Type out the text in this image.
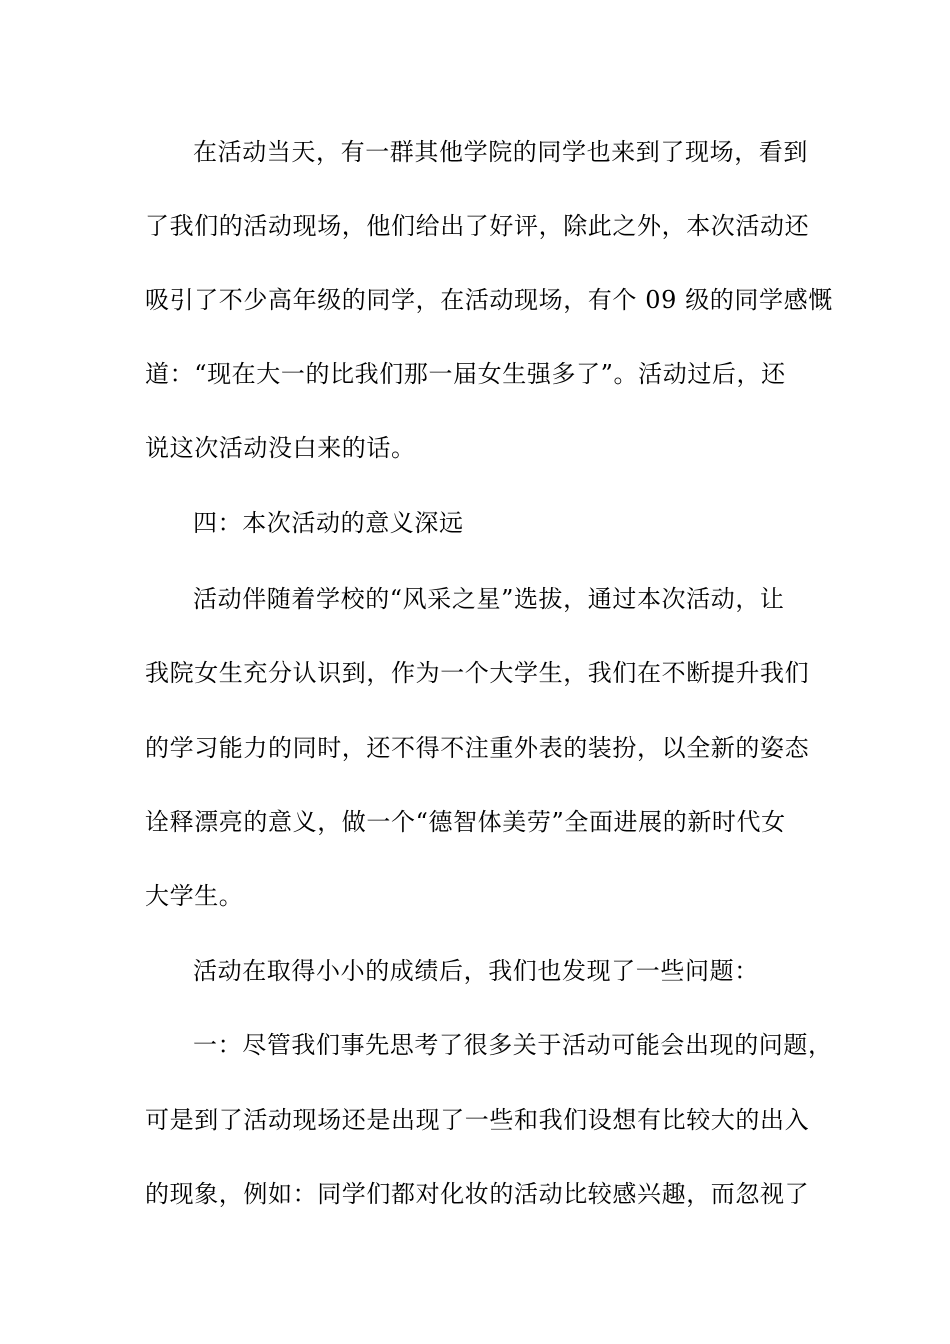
在活动当天，有一群其他学院的同学也来到了现场，看到
了我们的活动现场，他们给出了好评，除此之外，本次活动还
吸引了不少高年级的同学，在活动现场，有个 09 级的同学感慨
道：“现在大一的比我们那一届女生强多了”。活动过后，还
说这次活动没白来的话。
四：本次活动的意义深远
活动伴随着学校的“风采之星”选拔，通过本次活动，让
我院女生充分认识到，作为一个大学生，我们在不断提升我们
的学习能力的同时，还不得不注重外表的装扮，以全新的姿态
诠释漂亮的意义，做一个“德智体美劳”全面进展的新时代女
大学生。
活动在取得小小的成绩后，我们也发现了一些问题：
一：尽管我们事先思考了很多关于活动可能会出现的问题，
可是到了活动现场还是出现了一些和我们设想有比较大的出入
的现象，例如：同学们都对化妆的活动比较感兴趣，而忽视了
